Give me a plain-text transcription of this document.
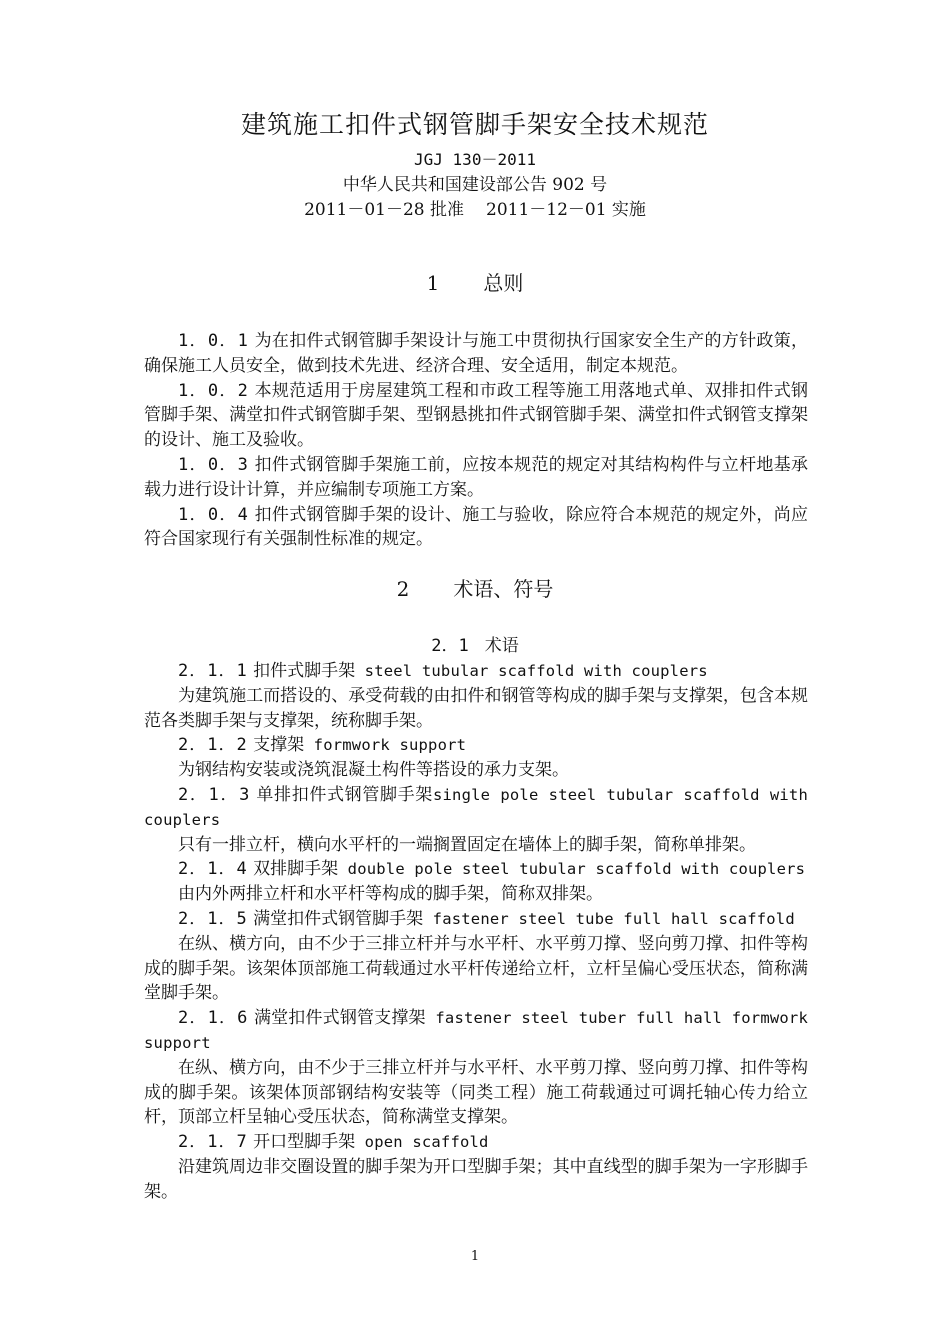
建筑施工扣件式钢管脚手架安全技术规范
JGJ 130－2011
中华人民共和国建设部公告 902 号
2011－01－28 批准 2011－12－01 实施
1 总则

1．0．1 为在扣件式钢管脚手架设计与施工中贯彻执行国家安全生产的方针政策，确保施工人员安全，做到技术先进、经济合理、安全适用，制定本规范。

1．0．2 本规范适用于房屋建筑工程和市政工程等施工用落地式单、双排扣件式钢管脚手架、满堂扣件式钢管脚手架、型钢悬挑扣件式钢管脚手架、满堂扣件式钢管支撑架的设计、施工及验收。

1．0．3 扣件式钢管脚手架施工前，应按本规范的规定对其结构构件与立杆地基承载力进行设计计算，并应编制专项施工方案。

1．0．4 扣件式钢管脚手架的设计、施工与验收，除应符合本规范的规定外，尚应符合国家现行有关强制性标准的规定。

2 术语、符号
2．1 术语

2．1．1 扣件式脚手架 steel tubular scaffold with couplers

为建筑施工而搭设的、承受荷载的由扣件和钢管等构成的脚手架与支撑架，包含本规范各类脚手架与支撑架，统称脚手架。

2．1．2 支撑架 formwork support

为钢结构安装或浇筑混凝土构件等搭设的承力支架。

2．1．3 单排扣件式钢管脚手架single pole steel tubular scaffold with couplers

只有一排立杆，横向水平杆的一端搁置固定在墙体上的脚手架，简称单排架。

2．1．4 双排脚手架 double pole steel tubular scaffold with couplers

由内外两排立杆和水平杆等构成的脚手架，简称双排架。

2．1．5 满堂扣件式钢管脚手架 fastener steel tube full hall scaffold

在纵、横方向，由不少于三排立杆并与水平杆、水平剪刀撑、竖向剪刀撑、扣件等构成的脚手架。该架体顶部施工荷载通过水平杆传递给立杆，立杆呈偏心受压状态，简称满堂脚手架。

2．1．6 满堂扣件式钢管支撑架 fastener steel tuber full hall formwork support

在纵、横方向，由不少于三排立杆并与水平杆、水平剪刀撑、竖向剪刀撑、扣件等构成的脚手架。该架体顶部钢结构安装等（同类工程）施工荷载通过可调托轴心传力给立杆，顶部立杆呈轴心受压状态，简称满堂支撑架。

2．1．7 开口型脚手架 open scaffold

沿建筑周边非交圈设置的脚手架为开口型脚手架；其中直线型的脚手架为一字形脚手架。

1
